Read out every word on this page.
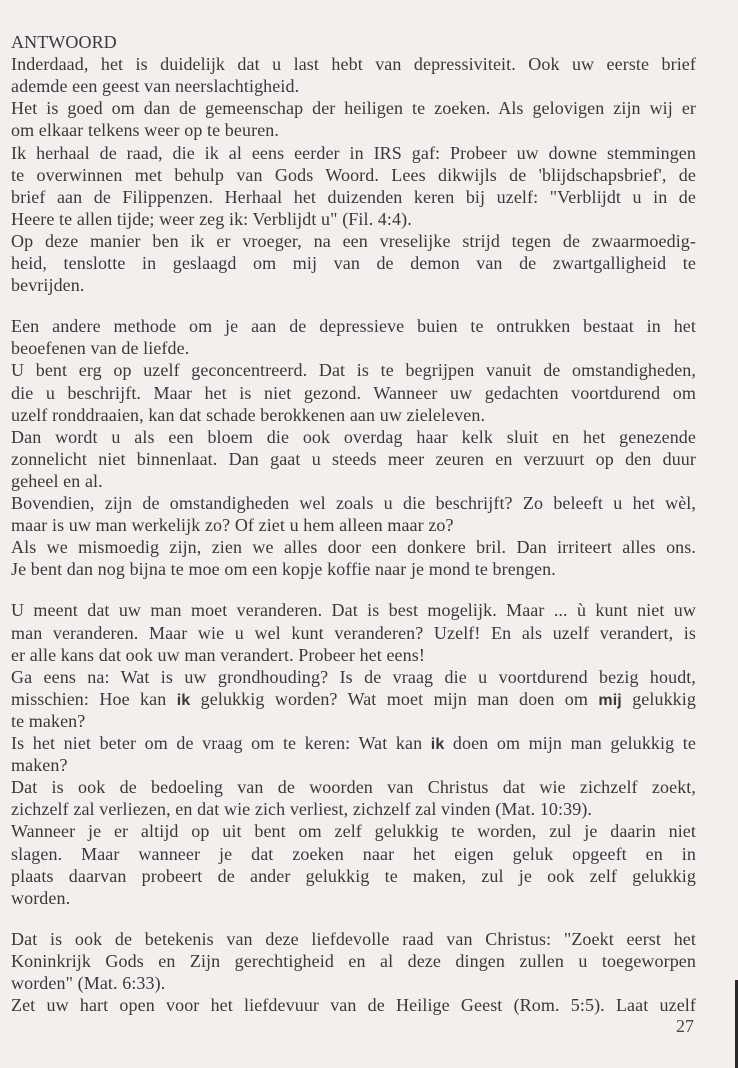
ANTWOORD
Inderdaad, het is duidelijk dat u last hebt van depressiviteit. Ook uw eerste brief
ademde een geest van neerslachtigheid.
Het is goed om dan de gemeenschap der heiligen te zoeken. Als gelovigen zijn wij er
om elkaar telkens weer op te beuren.
Ik herhaal de raad, die ik al eens eerder in IRS gaf: Probeer uw downe stemmingen
te overwinnen met behulp van Gods Woord. Lees dikwijls de 'blijdschapsbrief', de
brief aan de Filippenzen. Herhaal het duizenden keren bij uzelf: "Verblijdt u in de
Heere te allen tijde; weer zeg ik: Verblijdt u" (Fil. 4:4).
Op deze manier ben ik er vroeger, na een vreselijke strijd tegen de zwaarmoedig-
heid, tenslotte in geslaagd om mij van de demon van de zwartgalligheid te
bevrijden.
Een andere methode om je aan de depressieve buien te ontrukken bestaat in het
beoefenen van de liefde.
U bent erg op uzelf geconcentreerd. Dat is te begrijpen vanuit de omstandigheden,
die u beschrijft. Maar het is niet gezond. Wanneer uw gedachten voortdurend om
uzelf ronddraaien, kan dat schade berokkenen aan uw zieleleven.
Dan wordt u als een bloem die ook overdag haar kelk sluit en het genezende
zonnelicht niet binnenlaat. Dan gaat u steeds meer zeuren en verzuurt op den duur
geheel en al.
Bovendien, zijn de omstandigheden wel zoals u die beschrijft? Zo beleeft u het wèl,
maar is uw man werkelijk zo? Of ziet u hem alleen maar zo?
Als we mismoedig zijn, zien we alles door een donkere bril. Dan irriteert alles ons.
Je bent dan nog bijna te moe om een kopje koffie naar je mond te brengen.
U meent dat uw man moet veranderen. Dat is best mogelijk. Maar ... ù kunt niet uw
man veranderen. Maar wie u wel kunt veranderen? Uzelf! En als uzelf verandert, is
er alle kans dat ook uw man verandert. Probeer het eens!
Ga eens na: Wat is uw grondhouding? Is de vraag die u voortdurend bezig houdt,
misschien: Hoe kan ik gelukkig worden? Wat moet mijn man doen om mij gelukkig
te maken?
Is het niet beter om de vraag om te keren: Wat kan ik doen om mijn man gelukkig te
maken?
Dat is ook de bedoeling van de woorden van Christus dat wie zichzelf zoekt,
zichzelf zal verliezen, en dat wie zich verliest, zichzelf zal vinden (Mat. 10:39).
Wanneer je er altijd op uit bent om zelf gelukkig te worden, zul je daarin niet
slagen. Maar wanneer je dat zoeken naar het eigen geluk opgeeft en in
plaats daarvan probeert de ander gelukkig te maken, zul je ook zelf gelukkig
worden.
Dat is ook de betekenis van deze liefdevolle raad van Christus: "Zoekt eerst het
Koninkrijk Gods en Zijn gerechtigheid en al deze dingen zullen u toegeworpen
worden" (Mat. 6:33).
Zet uw hart open voor het liefdevuur van de Heilige Geest (Rom. 5:5). Laat uzelf
27
